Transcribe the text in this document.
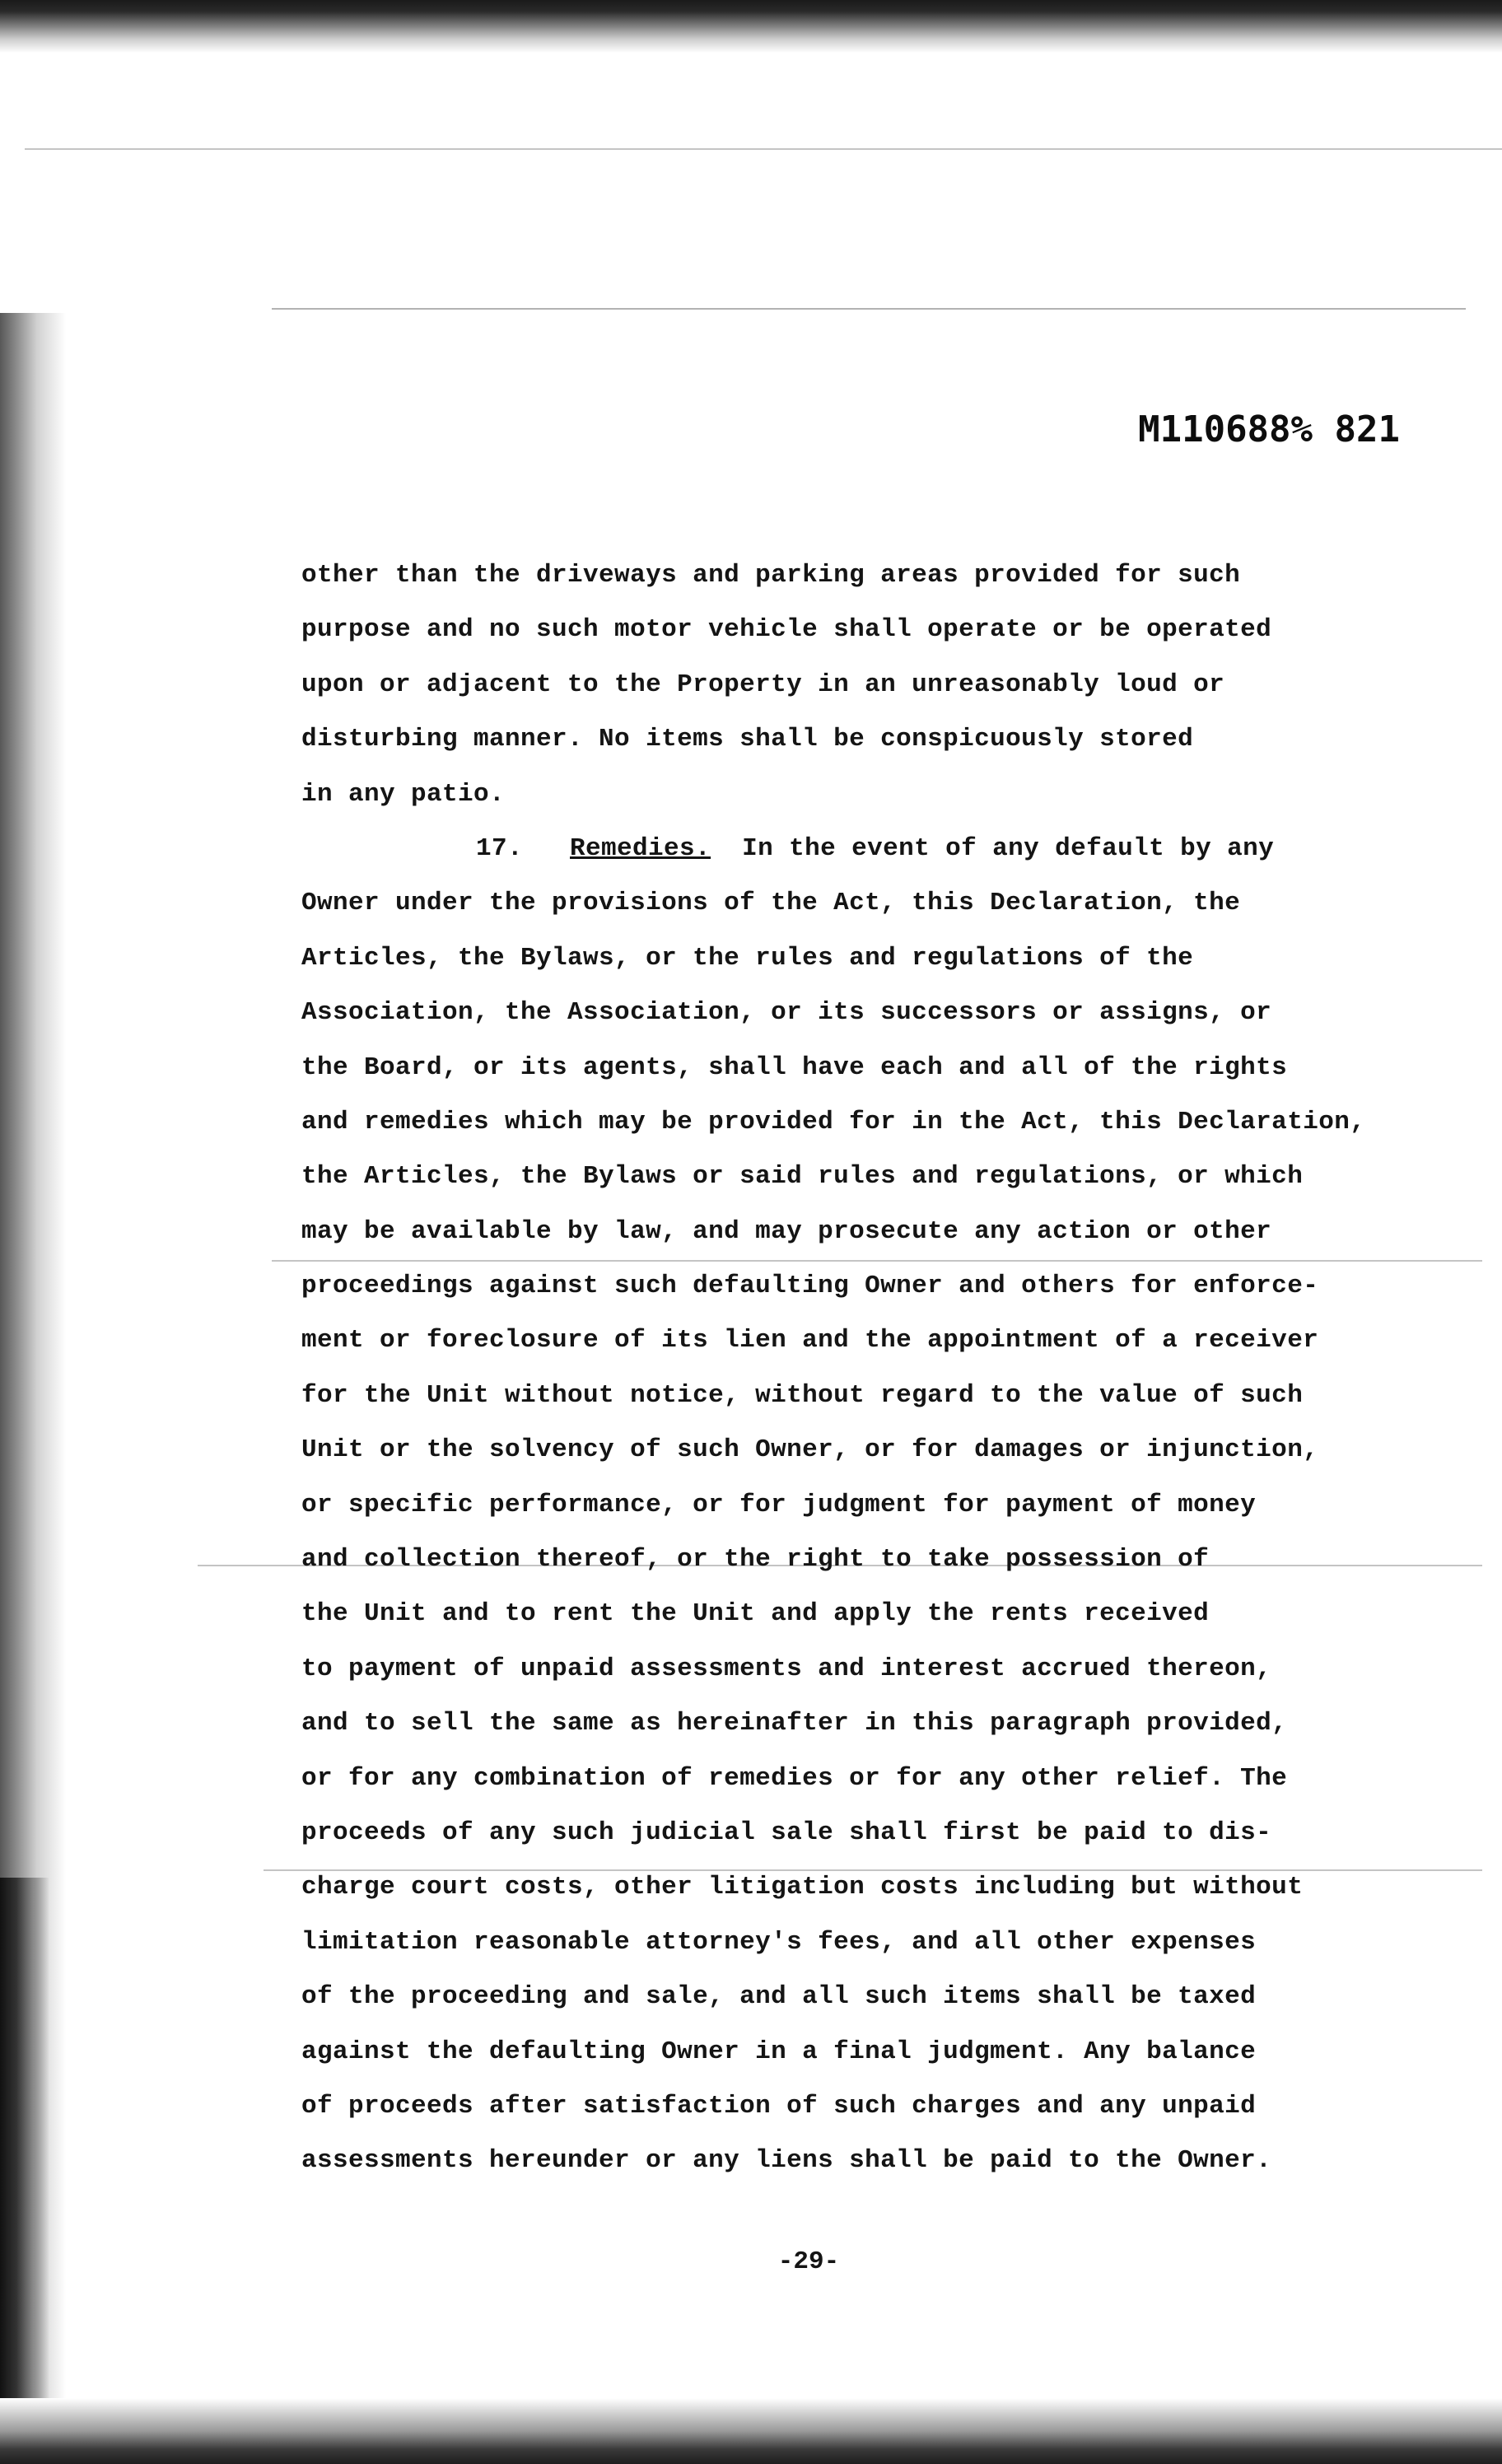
M110688% 821
other than the driveways and parking areas provided for such
purpose and no such motor vehicle shall operate or be operated
upon or adjacent to the Property in an unreasonably loud or
disturbing manner. No items shall be conspicuously stored
in any patio.
17. Remedies. In the event of any default by any
Owner under the provisions of the Act, this Declaration, the
Articles, the Bylaws, or the rules and regulations of the
Association, the Association, or its successors or assigns, or
the Board, or its agents, shall have each and all of the rights
and remedies which may be provided for in the Act, this Declaration,
the Articles, the Bylaws or said rules and regulations, or which
may be available by law, and may prosecute any action or other
proceedings against such defaulting Owner and others for enforce-
ment or foreclosure of its lien and the appointment of a receiver
for the Unit without notice, without regard to the value of such
Unit or the solvency of such Owner, or for damages or injunction,
or specific performance, or for judgment for payment of money
and collection thereof, or the right to take possession of
the Unit and to rent the Unit and apply the rents received
to payment of unpaid assessments and interest accrued thereon,
and to sell the same as hereinafter in this paragraph provided,
or for any combination of remedies or for any other relief. The
proceeds of any such judicial sale shall first be paid to dis-
charge court costs, other litigation costs including but without
limitation reasonable attorney's fees, and all other expenses
of the proceeding and sale, and all such items shall be taxed
against the defaulting Owner in a final judgment. Any balance
of proceeds after satisfaction of such charges and any unpaid
assessments hereunder or any liens shall be paid to the Owner.
-29-
